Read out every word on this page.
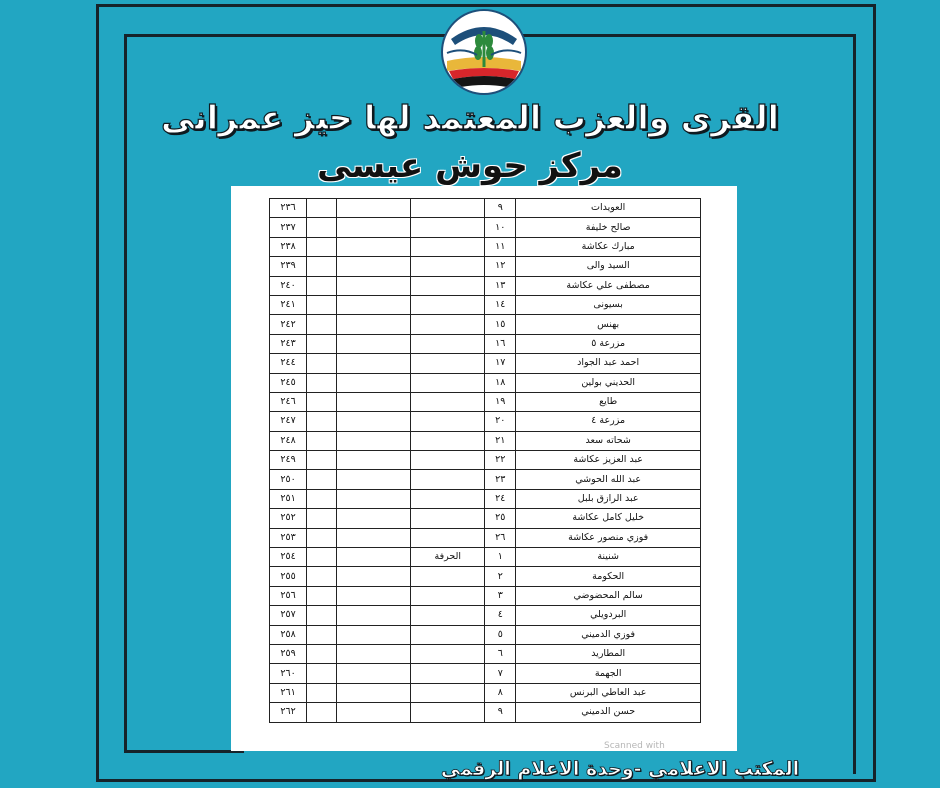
القرى والعزب المعتمد لها حيز عمرانى
مركز حوش عيسى
العويدات	٩				٢٣٦
صالح خليفة	١٠				٢٣٧
مبارك عكاشة	١١				٢٣٨
السيد والى	١٢				٢٣٩
مصطفى علي عكاشة	١٣				٢٤٠
بسيونى	١٤				٢٤١
بهنس	١٥				٢٤٢
مزرعة ٥	١٦				٢٤٣
احمد عبد الجواد	١٧				٢٤٤
الحديني بولين	١٨				٢٤٥
طايع	١٩				٢٤٦
مزرعة ٤	٢٠				٢٤٧
شحاته سعد	٢١				٢٤٨
عبد العزيز عكاشة	٢٢				٢٤٩
عبد الله الحوشي	٢٣				٢٥٠
عبد الرازق بلبل	٢٤				٢٥١
خليل كامل عكاشة	٢٥				٢٥٢
فوزي منصور عكاشة	٢٦				٢٥٣
شنينة	١	الحرفة			٢٥٤
الحكومة	٢				٢٥٥
سالم المحضوضي	٣				٢٥٦
البردويلي	٤				٢٥٧
فوزي الدميني	٥				٢٥٨
المطارید	٦				٢٥٩
الجهمة	٧				٢٦٠
عبد العاطي البرنس	٨				٢٦١
حسن الدميني	٩				٢٦٢
Scanned with
المكتب الاعلامي -وحدة الاعلام الرقمي
